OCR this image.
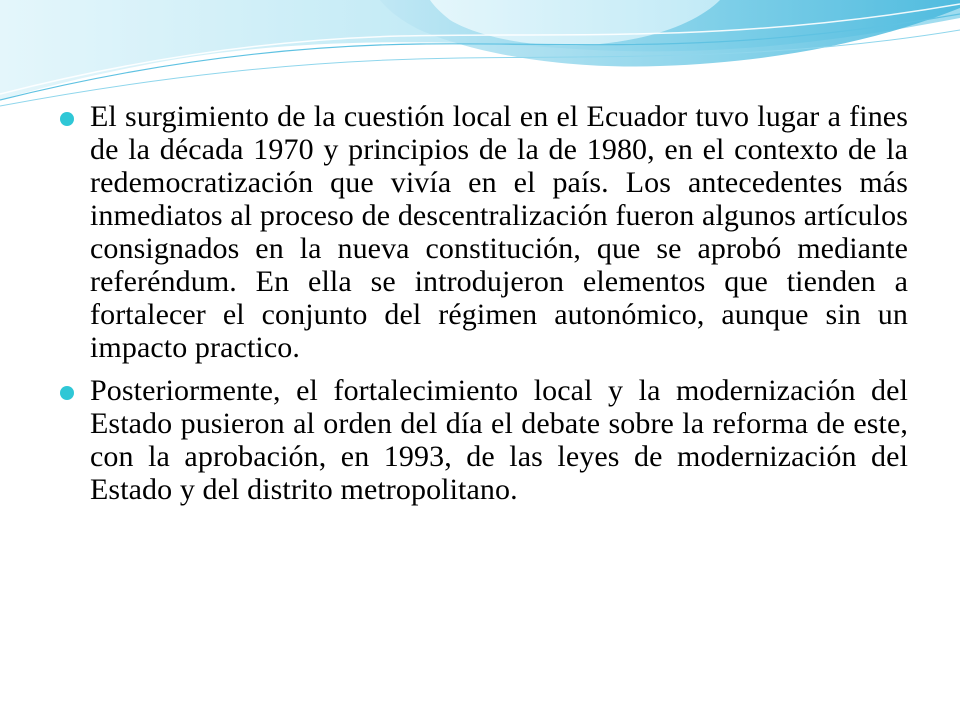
El surgimiento de la cuestión local en el Ecuador tuvo lugar a fines de la década 1970 y principios de la de 1980, en el contexto de la redemocratización que vivía en el país. Los antecedentes más inmediatos al proceso de descentralización fueron algunos artículos consignados en la nueva constitución, que se aprobó mediante referéndum. En ella se introdujeron elementos que tienden a fortalecer el conjunto del régimen autonómico, aunque sin un impacto practico.
Posteriormente, el fortalecimiento local y la modernización del Estado pusieron al orden del día el debate sobre la reforma de este, con la aprobación, en 1993, de las leyes de modernización del Estado y del distrito metropolitano.
